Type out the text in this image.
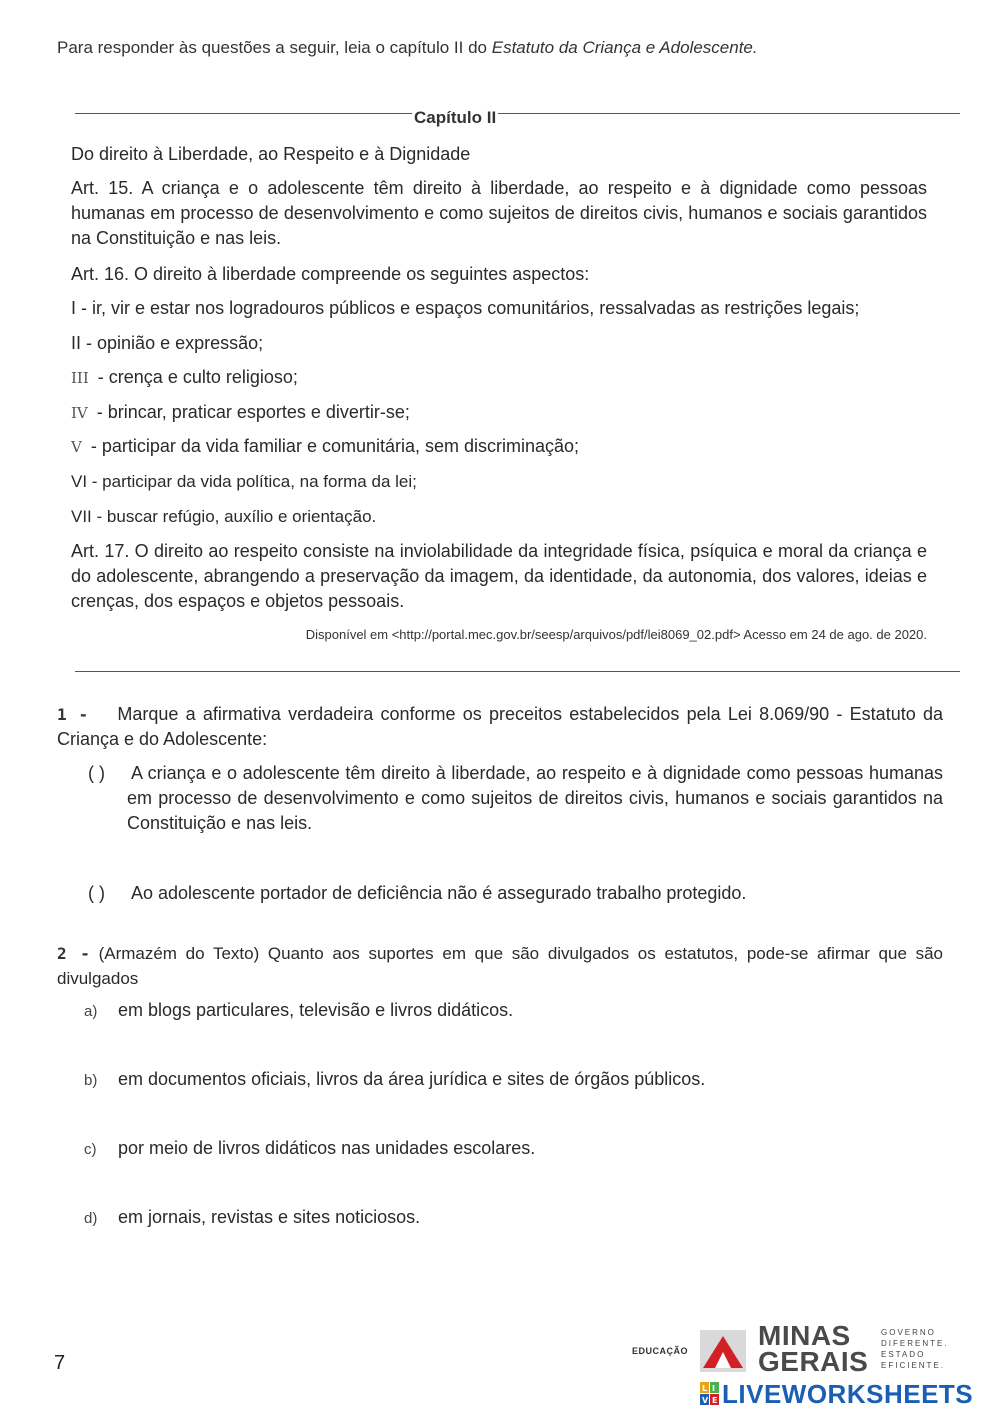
Para responder às questões a seguir, leia o capítulo II do Estatuto da Criança e Adolescente.
Capítulo II
Do direito à Liberdade, ao Respeito e à Dignidade
Art. 15. A criança e o adolescente têm direito à liberdade, ao respeito e à dignidade como pessoas humanas em processo de desenvolvimento e como sujeitos de direitos civis, humanos e sociais garantidos na Constituição e nas leis.
Art. 16. O direito à liberdade compreende os seguintes aspectos:
I - ir, vir e estar nos logradouros públicos e espaços comunitários, ressalvadas as restrições legais;
II - opinião e expressão;
III - crença e culto religioso;
IV - brincar, praticar esportes e divertir-se;
V - participar da vida familiar e comunitária, sem discriminação;
VI - participar da vida política, na forma da lei;
VII - buscar refúgio, auxílio e orientação.
Art. 17. O direito ao respeito consiste na inviolabilidade da integridade física, psíquica e moral da criança e do adolescente, abrangendo a preservação da imagem, da identidade, da autonomia, dos valores, ideias e crenças, dos espaços e objetos pessoais.
Disponível em <http://portal.mec.gov.br/seesp/arquivos/pdf/lei8069_02.pdf> Acesso em 24 de ago. de 2020.
1 - Marque a afirmativa verdadeira conforme os preceitos estabelecidos pela Lei 8.069/90 - Estatuto da Criança e do Adolescente:
( ) A criança e o adolescente têm direito à liberdade, ao respeito e à dignidade como pessoas humanas em processo de desenvolvimento e como sujeitos de direitos civis, humanos e sociais garantidos na Constituição e nas leis.
( ) Ao adolescente portador de deficiência não é assegurado trabalho protegido.
2 - (Armazém do Texto) Quanto aos suportes em que são divulgados os estatutos, pode-se afirmar que são divulgados
a) em blogs particulares, televisão e livros didáticos.
b) em documentos oficiais, livros da área jurídica e sites de órgãos públicos.
c) por meio de livros didáticos nas unidades escolares.
d) em jornais, revistas e sites noticiosos.
7
EDUCAÇÃO MINAS
GERAIS
GOVERNO
DIFERENTE.
ESTADO
EFICIENTE.
L I
V E LIVEWORKSHEETS
